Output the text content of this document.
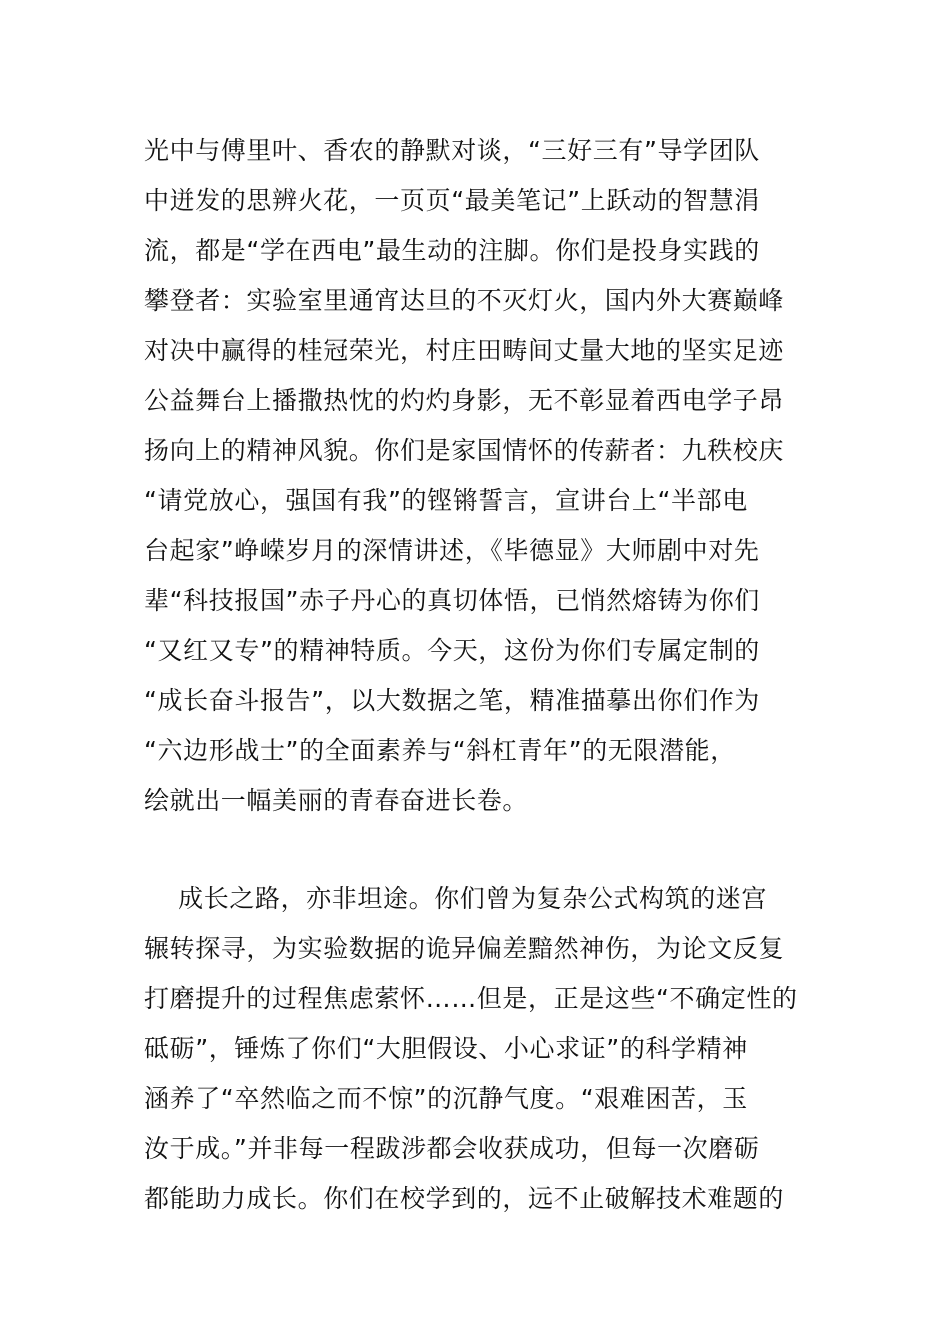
光中与傅里叶、香农的静默对谈，“三好三有”导学团队
中迸发的思辨火花，一页页“最美笔记”上跃动的智慧涓
流，都是“学在西电”最生动的注脚。你们是投身实践的
攀登者：实验室里通宵达旦的不灭灯火，国内外大赛巅峰
对决中赢得的桂冠荣光，村庄田畴间丈量大地的坚实足迹
公益舞台上播撒热忱的灼灼身影，无不彰显着西电学子昂
扬向上的精神风貌。你们是家国情怀的传薪者：九秩校庆
“请党放心，强国有我”的铿锵誓言，宣讲台上“半部电
台起家”峥嵘岁月的深情讲述，《毕德显》大师剧中对先
辈“科技报国”赤子丹心的真切体悟，已悄然熔铸为你们
“又红又专”的精神特质。今天，这份为你们专属定制的
“成长奋斗报告”，以大数据之笔，精准描摹出你们作为
“六边形战士”的全面素养与“斜杠青年”的无限潜能，
绘就出一幅美丽的青春奋进长卷。
成长之路，亦非坦途。你们曾为复杂公式构筑的迷宫
辗转探寻，为实验数据的诡异偏差黯然神伤，为论文反复
打磨提升的过程焦虑萦怀……但是，正是这些“不确定性的
砥砺”，锤炼了你们“大胆假设、小心求证”的科学精神
涵养了“卒然临之而不惊”的沉静气度。“艰难困苦，玉
汝于成。”并非每一程跋涉都会收获成功，但每一次磨砺
都能助力成长。你们在校学到的，远不止破解技术难题的
